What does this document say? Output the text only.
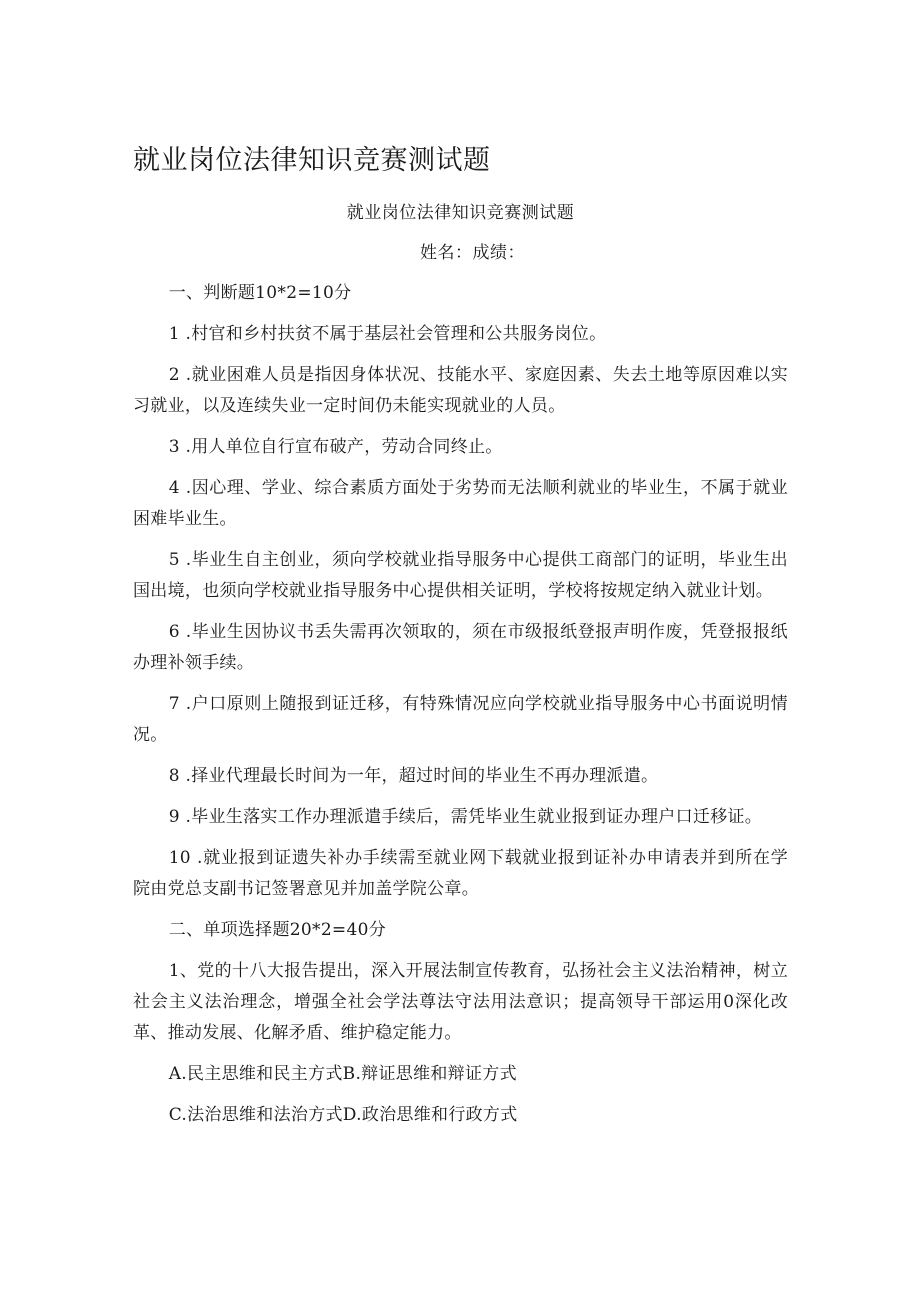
就业岗位法律知识竞赛测试题

就业岗位法律知识竞赛测试题

姓名：成绩：

一、判断题10*2=10分

1 .村官和乡村扶贫不属于基层社会管理和公共服务岗位。

2 .就业困难人员是指因身体状况、技能水平、家庭因素、失去土地等原因难以实习就业，以及连续失业一定时间仍未能实现就业的人员。

3 .用人单位自行宣布破产，劳动合同终止。

4 .因心理、学业、综合素质方面处于劣势而无法顺利就业的毕业生，不属于就业困难毕业生。

5 .毕业生自主创业，须向学校就业指导服务中心提供工商部门的证明，毕业生出国出境，也须向学校就业指导服务中心提供相关证明，学校将按规定纳入就业计划。

6 .毕业生因协议书丢失需再次领取的，须在市级报纸登报声明作废，凭登报报纸办理补领手续。

7 .户口原则上随报到证迁移，有特殊情况应向学校就业指导服务中心书面说明情况。

8 .择业代理最长时间为一年，超过时间的毕业生不再办理派遣。

9 .毕业生落实工作办理派遣手续后，需凭毕业生就业报到证办理户口迁移证。

10 .就业报到证遗失补办手续需至就业网下载就业报到证补办申请表并到所在学院由党总支副书记签署意见并加盖学院公章。

二、单项选择题20*2=40分

1、党的十八大报告提出，深入开展法制宣传教育，弘扬社会主义法治精神，树立社会主义法治理念，增强全社会学法尊法守法用法意识；提高领导干部运用0深化改革、推动发展、化解矛盾、维护稳定能力。

A.民主思维和民主方式B.辩证思维和辩证方式

C.法治思维和法治方式D.政治思维和行政方式
